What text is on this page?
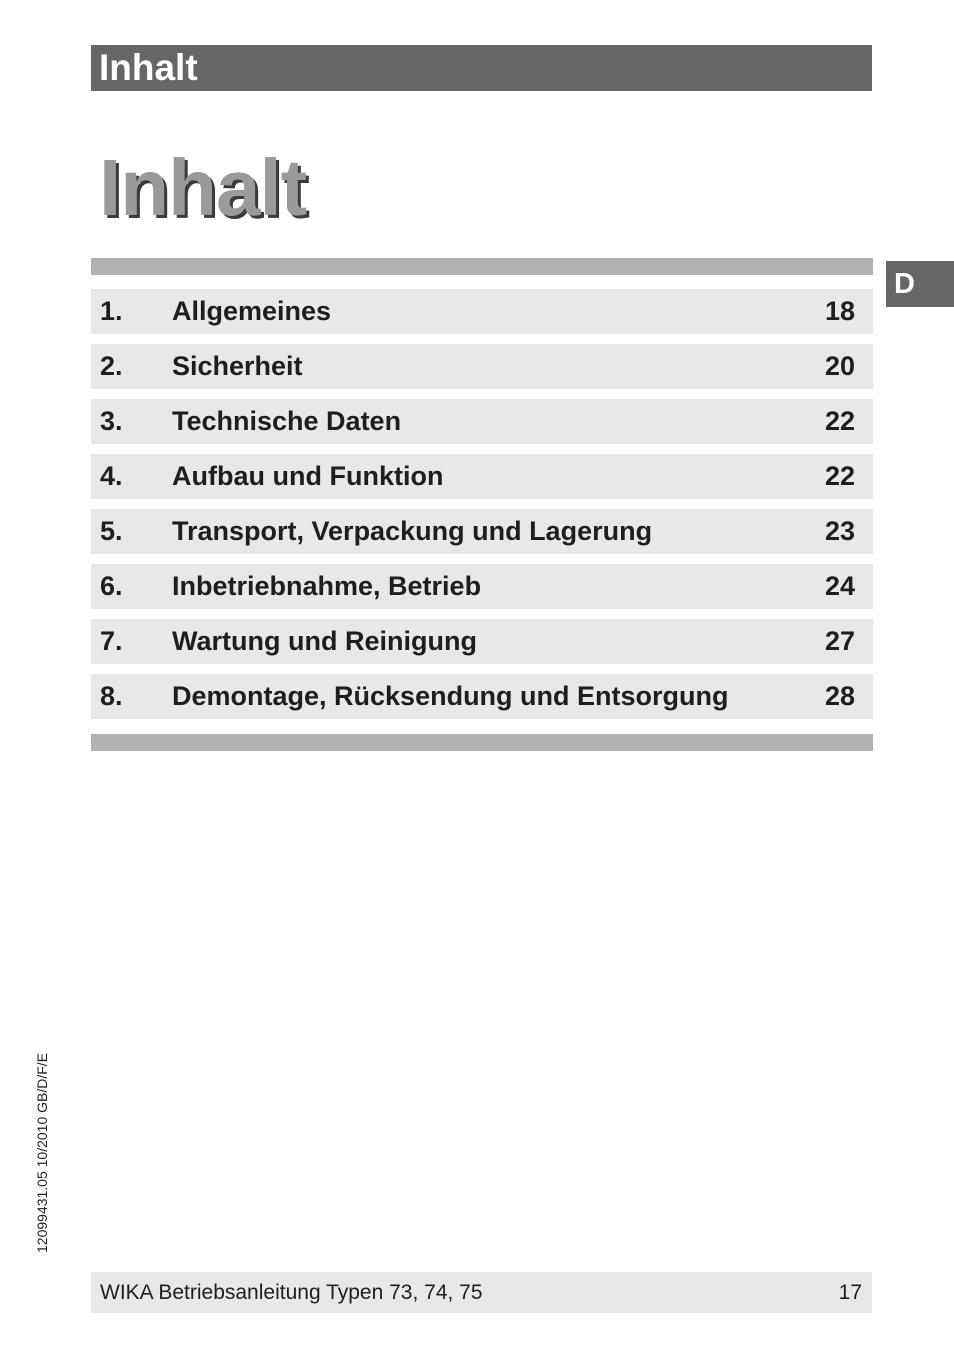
Inhalt
Inhalt
D
1.	Allgemeines	18
2.	Sicherheit	20
3.	Technische Daten	22
4.	Aufbau und Funktion	22
5.	Transport, Verpackung und Lagerung	23
6.	Inbetriebnahme, Betrieb	24
7.	Wartung und Reinigung	27
8.	Demontage, Rücksendung und Entsorgung	28
12099431.05 10/2010 GB/D/F/E
WIKA Betriebsanleitung Typen 73, 74, 75	17
